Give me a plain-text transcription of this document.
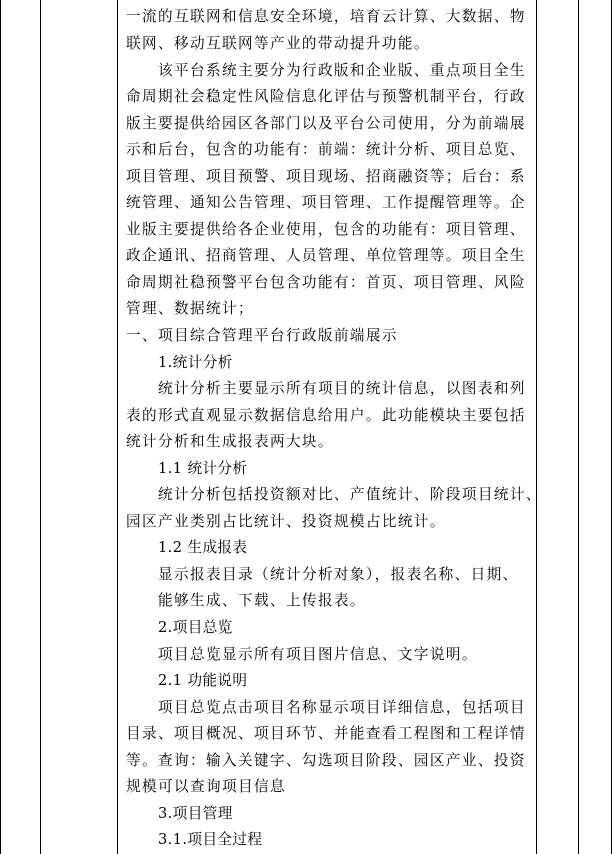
一流的互联网和信息安全环境，培育云计算、大数据、物
联网、移动互联网等产业的带动提升功能。
该平台系统主要分为行政版和企业版、重点项目全生
命周期社会稳定性风险信息化评估与预警机制平台，行政
版主要提供给园区各部门以及平台公司使用，分为前端展
示和后台，包含的功能有：前端：统计分析、项目总览、
项目管理、项目预警、项目现场、招商融资等；后台：系
统管理、通知公告管理、项目管理、工作提醒管理等。企
业版主要提供给各企业使用，包含的功能有：项目管理、
政企通讯、招商管理、人员管理、单位管理等。项目全生
命周期社稳预警平台包含功能有：首页、项目管理、风险
管理、数据统计；
一、项目综合管理平台行政版前端展示
1.统计分析
统计分析主要显示所有项目的统计信息，以图表和列
表的形式直观显示数据信息给用户。此功能模块主要包括
统计分析和生成报表两大块。
1.1 统计分析
统计分析包括投资额对比、产值统计、阶段项目统计、
园区产业类别占比统计、投资规模占比统计。
1.2 生成报表
显示报表目录（统计分析对象），报表名称、日期、
能够生成、下载、上传报表。
2.项目总览
项目总览显示所有项目图片信息、文字说明。
2.1 功能说明
项目总览点击项目名称显示项目详细信息，包括项目
目录、项目概况、项目环节、并能查看工程图和工程详情
等。查询：输入关键字、勾选项目阶段、园区产业、投资
规模可以查询项目信息
3.项目管理
3.1.项目全过程
